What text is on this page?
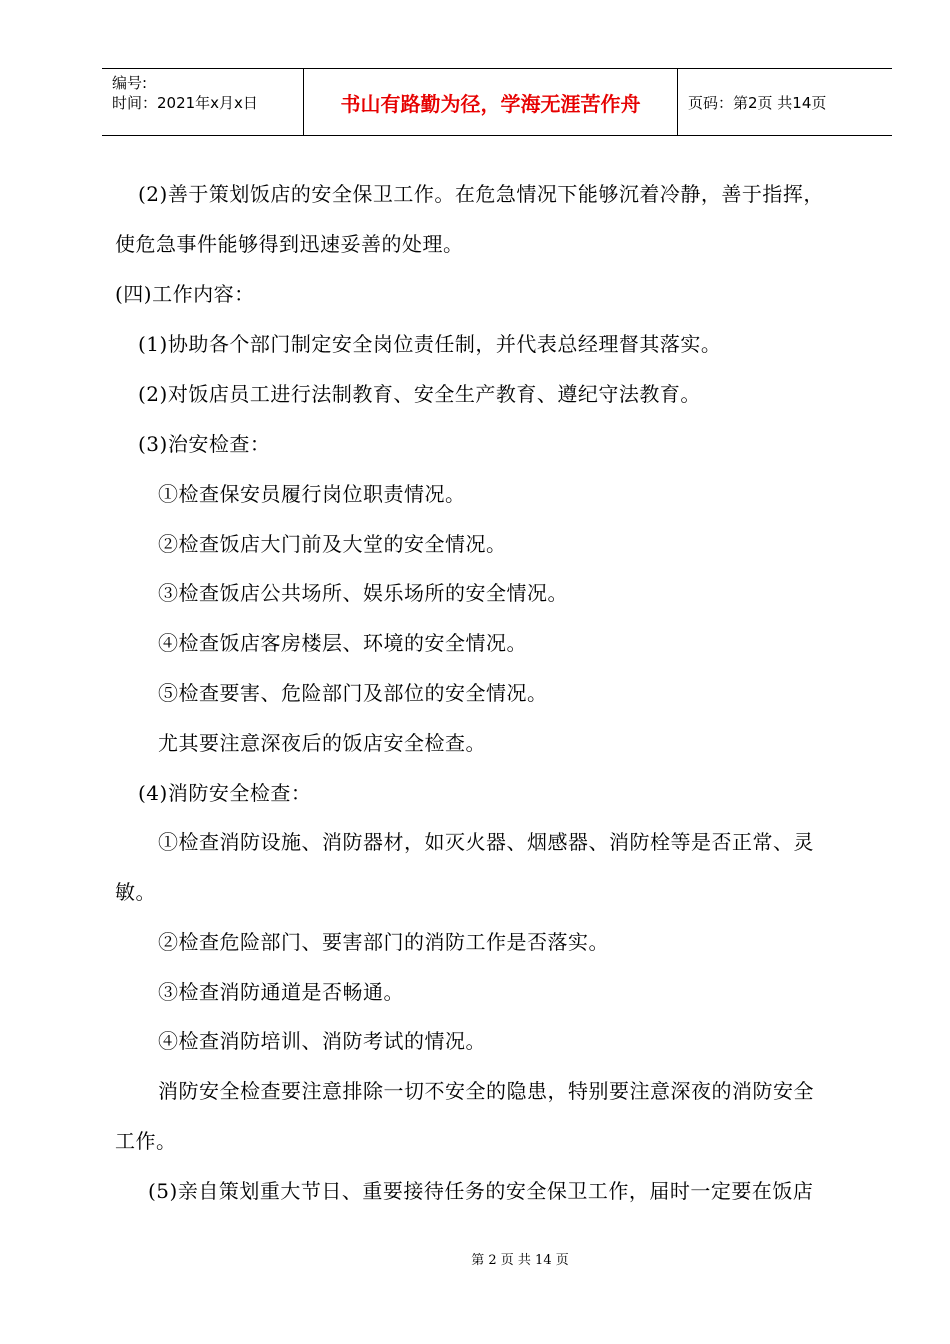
编号:
时间：2021年x月x日	书山有路勤为径，学海无涯苦作舟	页码：第2页 共14页
(2)善于策划饭店的安全保卫工作。在危急情况下能够沉着冷静，善于指挥，
使危急事件能够得到迅速妥善的处理。
(四)工作内容：
(1)协助各个部门制定安全岗位责任制，并代表总经理督其落实。
(2)对饭店员工进行法制教育、安全生产教育、遵纪守法教育。
(3)治安检查：
①检查保安员履行岗位职责情况。
②检查饭店大门前及大堂的安全情况。
③检查饭店公共场所、娱乐场所的安全情况。
④检查饭店客房楼层、环境的安全情况。
⑤检查要害、危险部门及部位的安全情况。
尤其要注意深夜后的饭店安全检查。
(4)消防安全检查：
①检查消防设施、消防器材，如灭火器、烟感器、消防栓等是否正常、灵
敏。
②检查危险部门、要害部门的消防工作是否落实。
③检查消防通道是否畅通。
④检查消防培训、消防考试的情况。
消防安全检查要注意排除一切不安全的隐患，特别要注意深夜的消防安全
工作。
(5)亲自策划重大节日、重要接待任务的安全保卫工作，届时一定要在饭店
第 2 页 共 14 页
